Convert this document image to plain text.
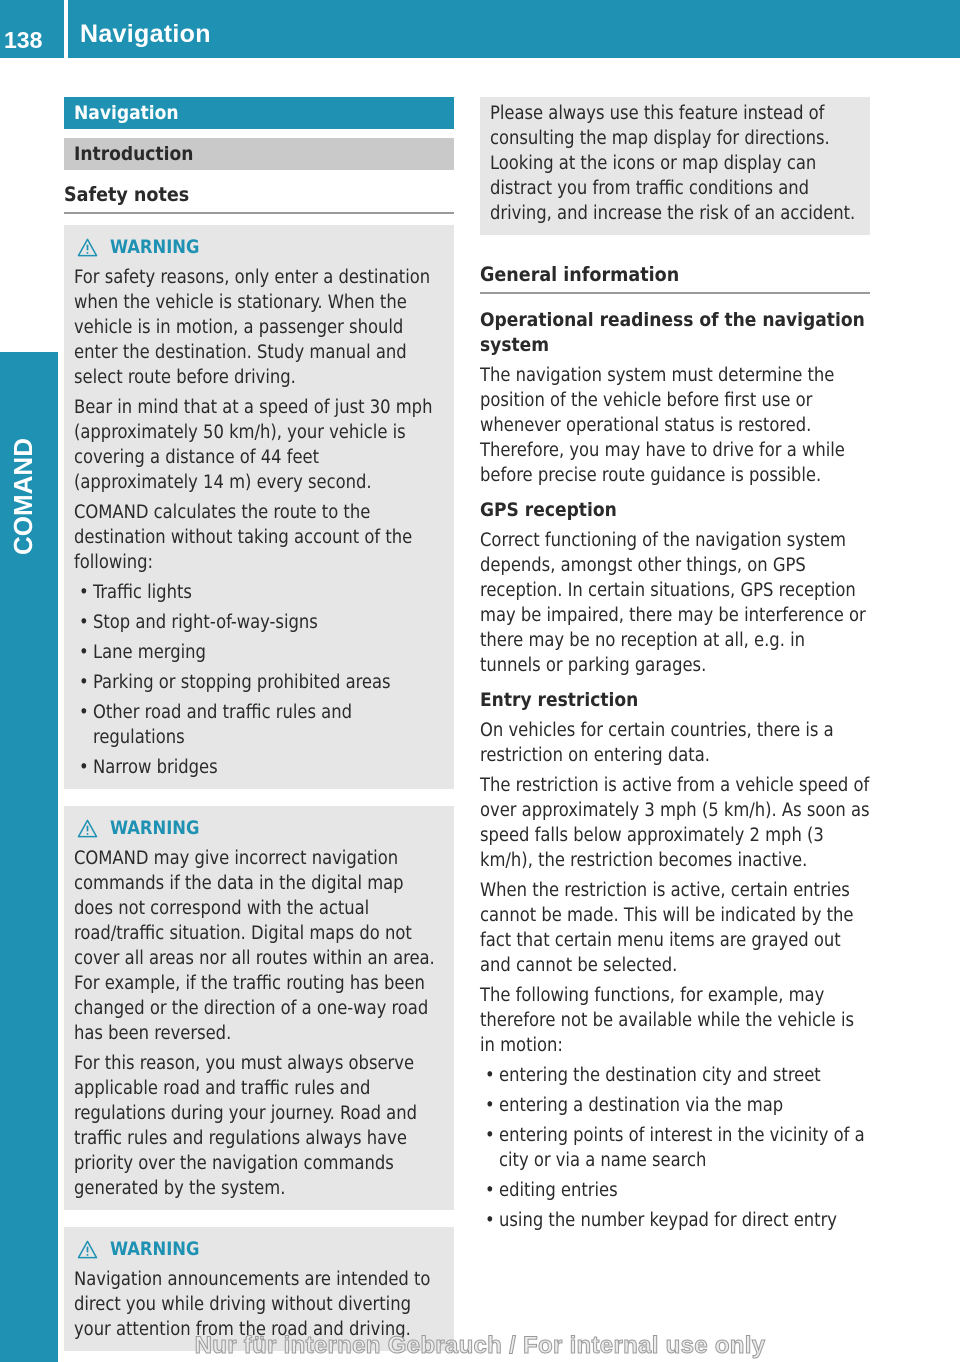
138	Navigation
COMAND
Navigation
Introduction
Safety notes
WARNING

For safety reasons, only enter a destination when the vehicle is stationary. When the vehicle is in motion, a passenger should enter the destination. Study manual and select route before driving.

Bear in mind that at a speed of just 30 mph (approximately 50 km/h), your vehicle is covering a distance of 44 feet (approximately 14 m) every second.

COMAND calculates the route to the destination without taking account of the following:

• Traffic lights
• Stop and right-of-way-signs
• Lane merging
• Parking or stopping prohibited areas
• Other road and traffic rules and regulations
• Narrow bridges
WARNING

COMAND may give incorrect navigation commands if the data in the digital map does not correspond with the actual road/traffic situation. Digital maps do not cover all areas nor all routes within an area. For example, if the traffic routing has been changed or the direction of a one-way road has been reversed.

For this reason, you must always observe applicable road and traffic rules and regulations during your journey. Road and traffic rules and regulations always have priority over the navigation commands generated by the system.

WARNING

Navigation announcements are intended to direct you while driving without diverting your attention from the road and driving.

Please always use this feature instead of consulting the map display for directions. Looking at the icons or map display can distract you from traffic conditions and driving, and increase the risk of an accident.

General information
Operational readiness of the navigation system

The navigation system must determine the position of the vehicle before first use or whenever operational status is restored. Therefore, you may have to drive for a while before precise route guidance is possible.

GPS reception

Correct functioning of the navigation system depends, amongst other things, on GPS reception. In certain situations, GPS reception may be impaired, there may be interference or there may be no reception at all, e.g. in tunnels or parking garages.

Entry restriction

On vehicles for certain countries, there is a restriction on entering data.

The restriction is active from a vehicle speed of over approximately 3 mph (5 km/h). As soon as speed falls below approximately 2 mph (3 km/h), the restriction becomes inactive.

When the restriction is active, certain entries cannot be made. This will be indicated by the fact that certain menu items are grayed out and cannot be selected.

The following functions, for example, may therefore not be available while the vehicle is in motion:

• entering the destination city and street
• entering a destination via the map
• entering points of interest in the vicinity of a city or via a name search
• editing entries
• using the number keypad for direct entry
Nur für internen Gebrauch / For internal use only
